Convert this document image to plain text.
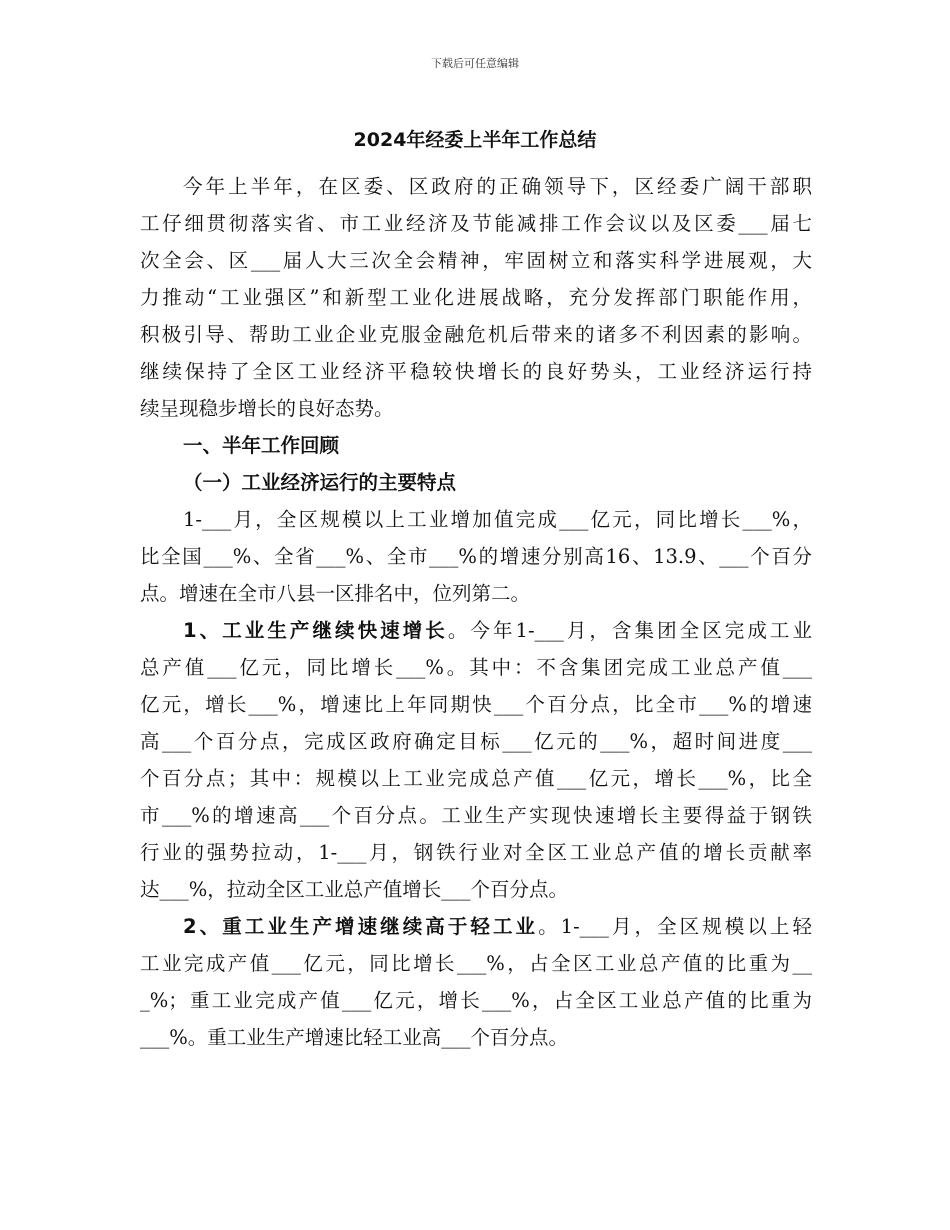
下载后可任意编辑
2024年经委上半年工作总结
今年上半年，在区委、区政府的正确领导下，区经委广阔干部职
工仔细贯彻落实省、市工业经济及节能减排工作会议以及区委___届七
次全会、区___届人大三次全会精神，牢固树立和落实科学进展观，大
力推动“工业强区”和新型工业化进展战略，充分发挥部门职能作用，
积极引导、帮助工业企业克服金融危机后带来的诸多不利因素的影响。
继续保持了全区工业经济平稳较快增长的良好势头，工业经济运行持
续呈现稳步增长的良好态势。
一、半年工作回顾
（一）工业经济运行的主要特点
1-___月，全区规模以上工业增加值完成___亿元，同比增长___%，
比全国___%、全省___%、全市___%的增速分别高16、13.9、___个百分
点。增速在全市八县一区排名中，位列第二。
1、工业生产继续快速增长。今年1-___月，含集团全区完成工业
总产值___亿元，同比增长___%。其中：不含集团完成工业总产值___
亿元，增长___%，增速比上年同期快___个百分点，比全市___%的增速
高___个百分点，完成区政府确定目标___亿元的___%，超时间进度___
个百分点；其中：规模以上工业完成总产值___亿元，增长___%，比全
市___%的增速高___个百分点。工业生产实现快速增长主要得益于钢铁
行业的强势拉动，1-___月，钢铁行业对全区工业总产值的增长贡献率
达___%，拉动全区工业总产值增长___个百分点。
2、重工业生产增速继续高于轻工业。1-___月，全区规模以上轻
工业完成产值___亿元，同比增长___%，占全区工业总产值的比重为__
_%；重工业完成产值___亿元，增长___%，占全区工业总产值的比重为
___%。重工业生产增速比轻工业高___个百分点。
